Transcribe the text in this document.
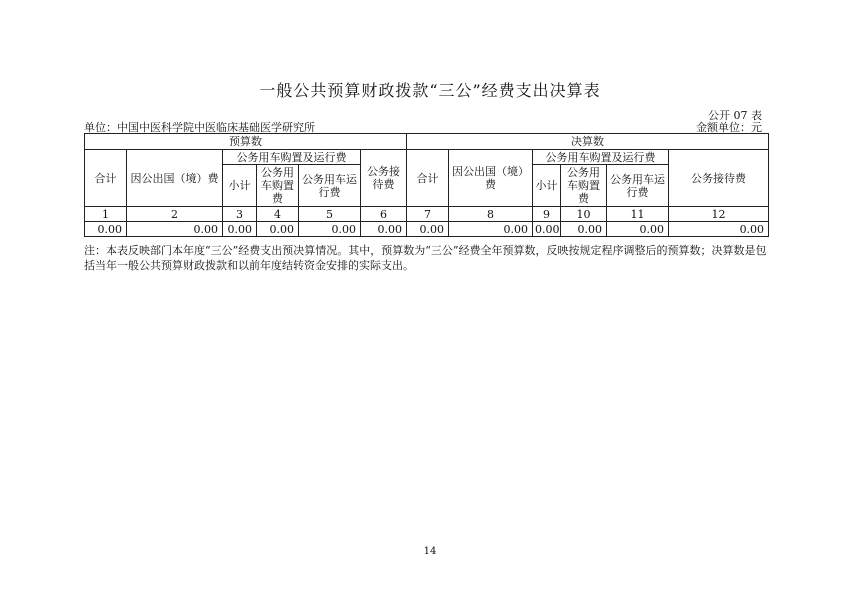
一般公共预算财政拨款“三公”经费支出决算表
公开 07 表
单位：中国中医科学院中医临床基础医学研究所	金额单位：元
预算数						决算数					
合计	因公出国（境）费	公务用车购置及运行费			公务接待费	合计	因公出国（境）费	公务用车购置及运行费			公务接待费
		小计	公务用车购置费	公务用车运行费				小计	公务用车购置费	公务用车运行费	
1	2	3	4	5	6	7	8	9	10	11	12
0.00	0.00	0.00	0.00	0.00	0.00	0.00	0.00	0.00	0.00	0.00	0.00
注：本表反映部门本年度“三公”经费支出预决算情况。其中，预算数为“三公”经费全年预算数，反映按规定程序调整后的预算数；决算数是包括当年一般公共预算财政拨款和以前年度结转资金安排的实际支出。
14
